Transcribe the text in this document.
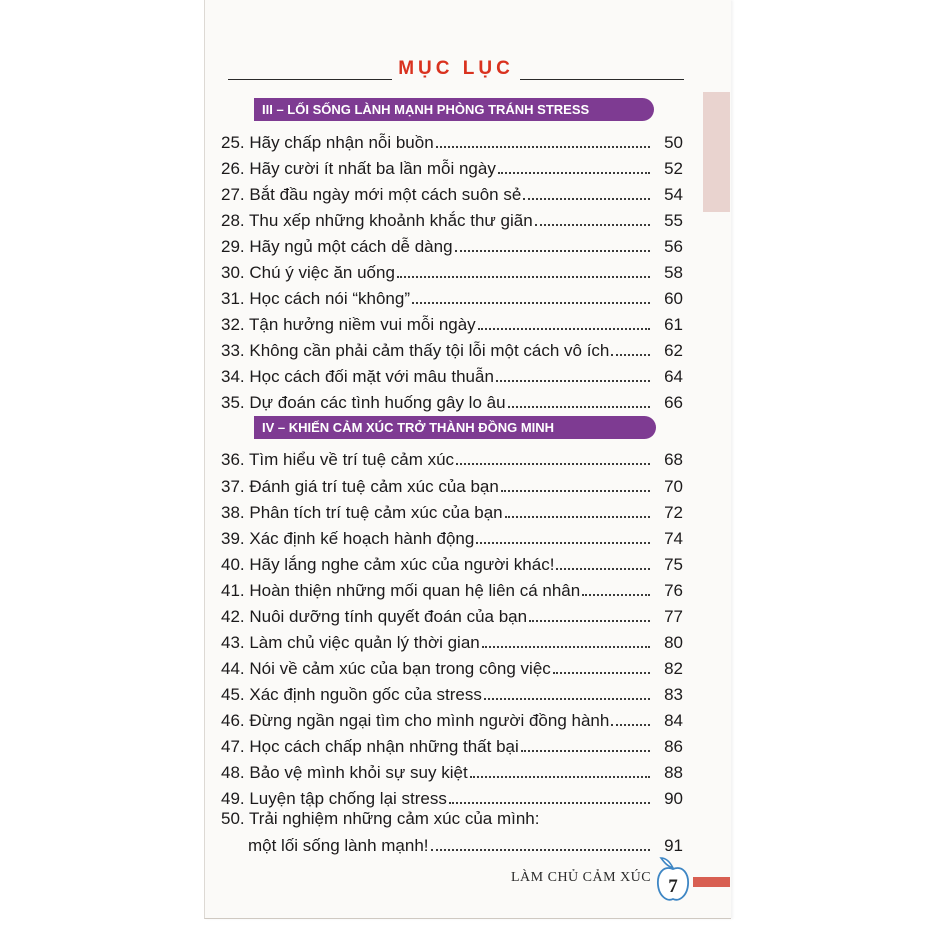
MỤC LỤC
III – LỐI SỐNG LÀNH MẠNH PHÒNG TRÁNH STRESS
25. Hãy chấp nhận nỗi buồn	50
26. Hãy cười ít nhất ba lần mỗi ngày	52
27. Bắt đầu ngày mới một cách suôn sẻ	54
28. Thu xếp những khoảnh khắc thư giãn	55
29. Hãy ngủ một cách dễ dàng	56
30. Chú ý việc ăn uống	58
31. Học cách nói “không”	60
32. Tận hưởng niềm vui mỗi ngày	61
33. Không cần phải cảm thấy tội lỗi một cách vô ích	62
34. Học cách đối mặt với mâu thuẫn	64
35. Dự đoán các tình huống gây lo âu	66
IV – KHIẾN CẢM XÚC TRỞ THÀNH ĐỒNG MINH
36. Tìm hiểu về trí tuệ cảm xúc	68
37. Đánh giá trí tuệ cảm xúc của bạn	70
38. Phân tích trí tuệ cảm xúc của bạn	72
39. Xác định kế hoạch hành động	74
40. Hãy lắng nghe cảm xúc của người khác!	75
41. Hoàn thiện những mối quan hệ liên cá nhân	76
42. Nuôi dưỡng tính quyết đoán của bạn	77
43. Làm chủ việc quản lý thời gian	80
44. Nói về cảm xúc của bạn trong công việc	82
45. Xác định nguồn gốc của stress	83
46. Đừng ngần ngại tìm cho mình người đồng hành	84
47. Học cách chấp nhận những thất bại	86
48. Bảo vệ mình khỏi sự suy kiệt	88
49. Luyện tập chống lại stress	90
50. Trải nghiệm những cảm xúc của mình:
một lối sống lành mạnh!	91
LÀM CHỦ CẢM XÚC 7
